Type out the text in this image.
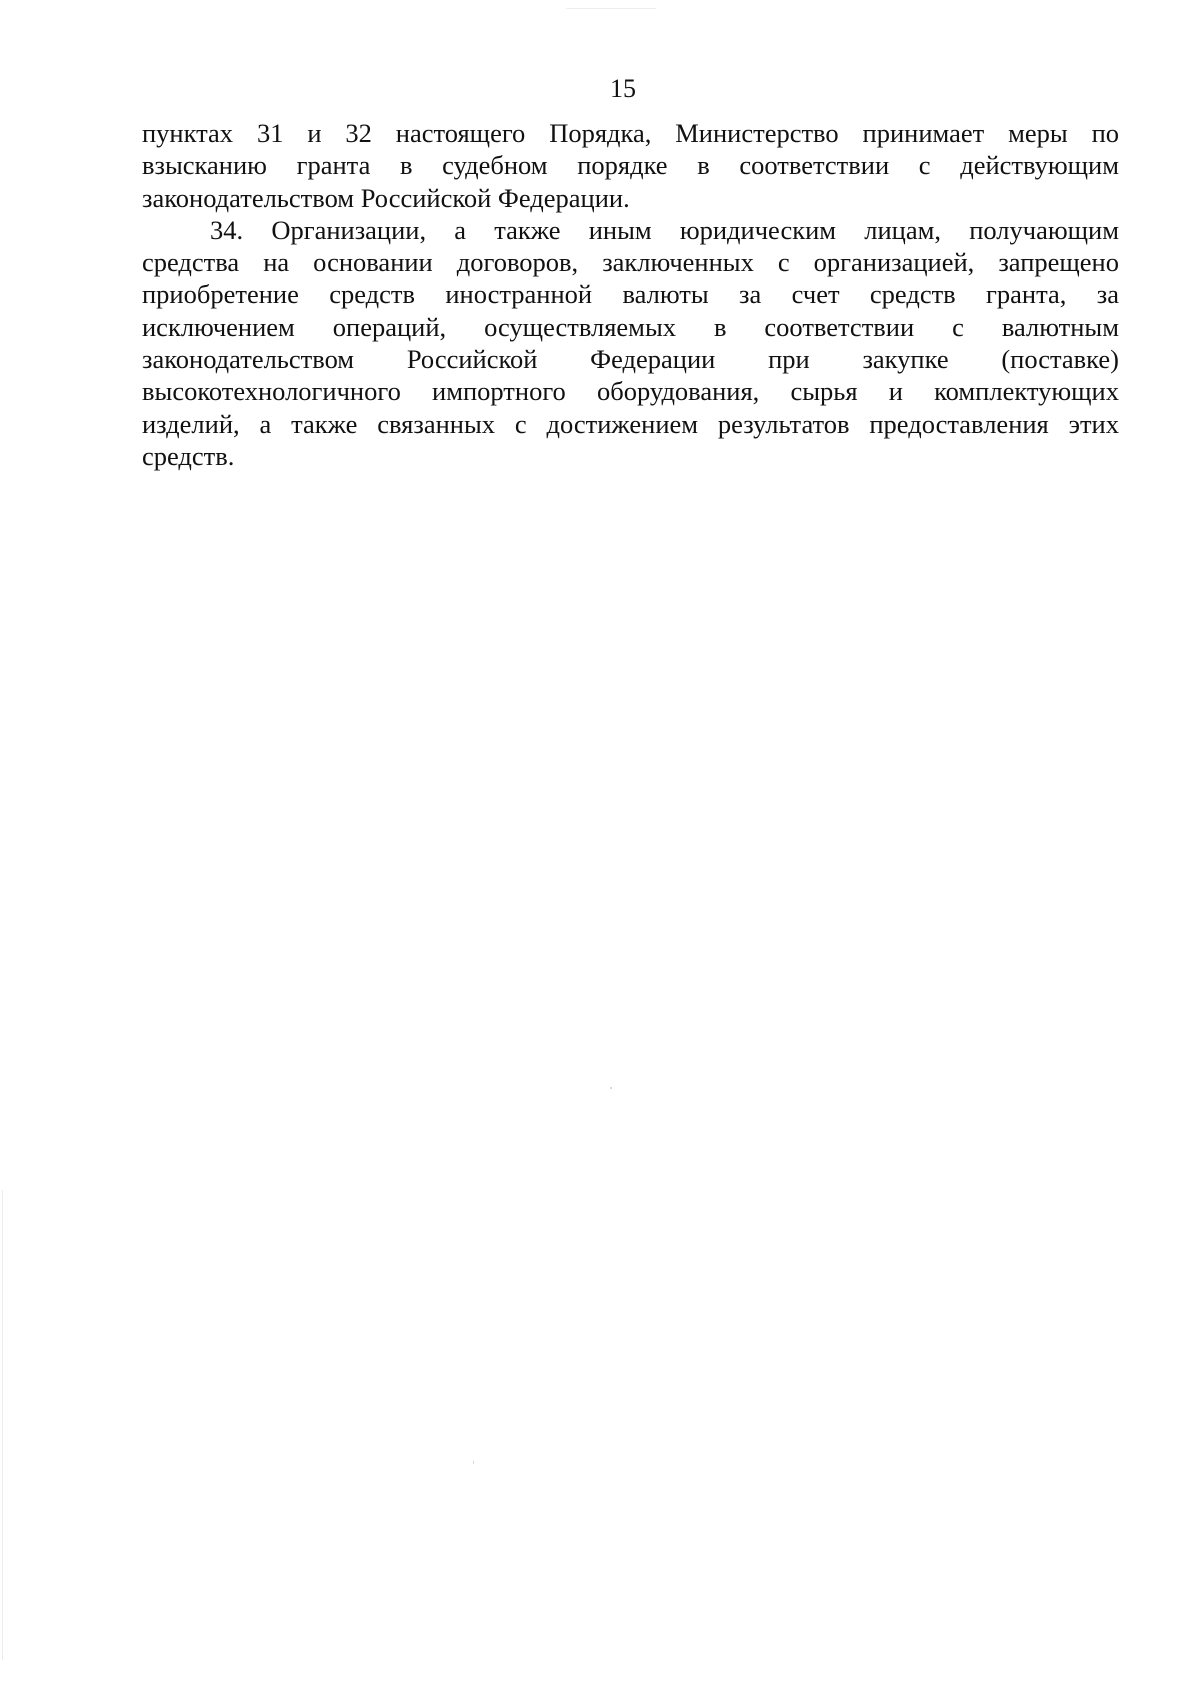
15
пунктах 31 и 32 настоящего Порядка, Министерство принимает меры по
взысканию гранта в судебном порядке в соответствии с действующим
законодательством Российской Федерации.
34. Организации, а также иным юридическим лицам, получающим
средства на основании договоров, заключенных с организацией, запрещено
приобретение средств иностранной валюты за счет средств гранта, за
исключением операций, осуществляемых в соответствии с валютным
законодательством Российской Федерации при закупке (поставке)
высокотехнологичного импортного оборудования, сырья и комплектующих
изделий, а также связанных с достижением результатов предоставления этих
средств.
